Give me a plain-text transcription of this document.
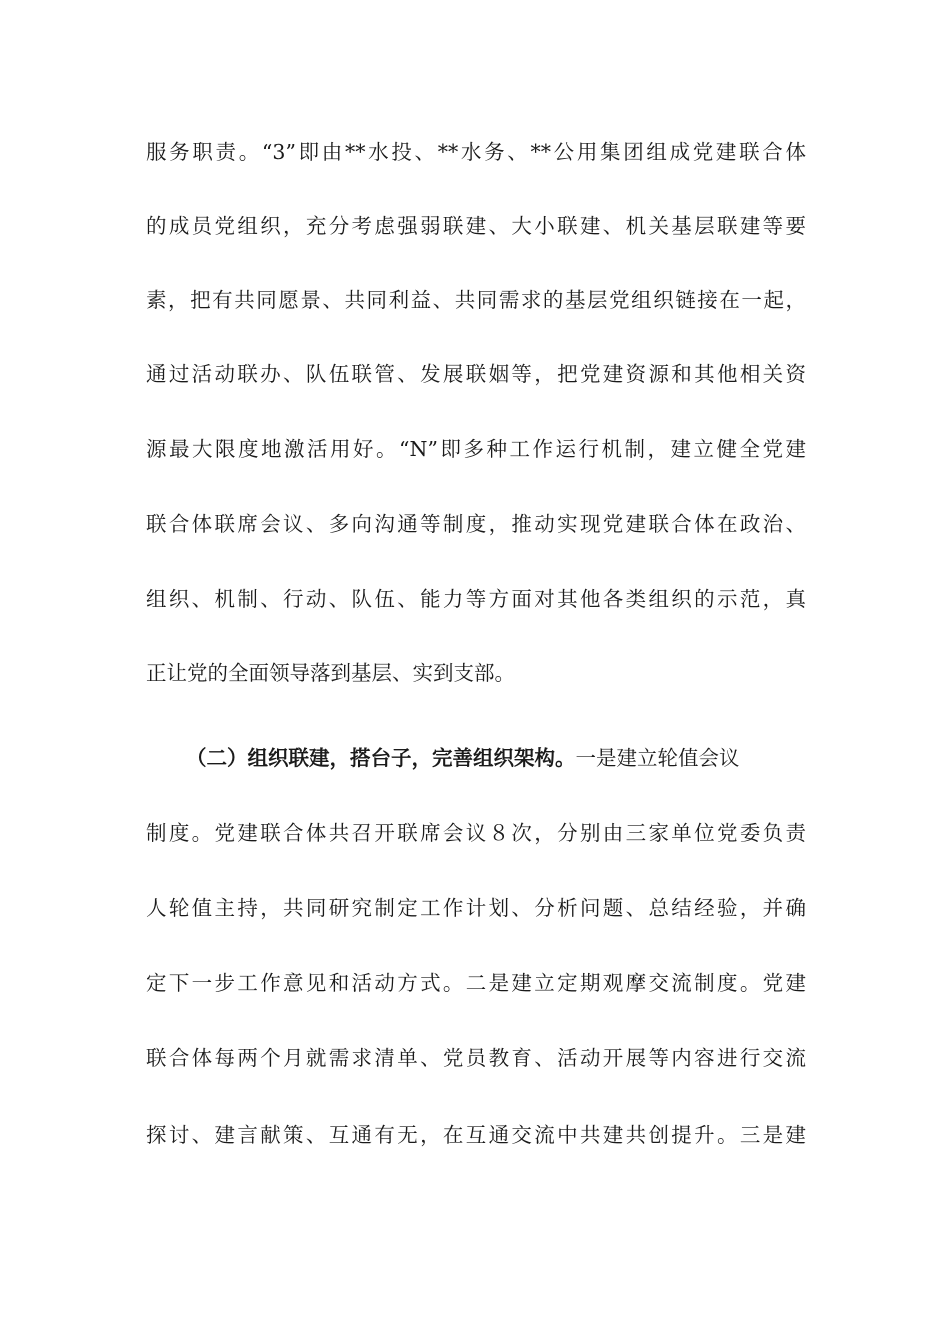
服务职责。“3”即由**水投、**水务、**公用集团组成党建联合体
的成员党组织，充分考虑强弱联建、大小联建、机关基层联建等要
素，把有共同愿景、共同利益、共同需求的基层党组织链接在一起，
通过活动联办、队伍联管、发展联姻等，把党建资源和其他相关资
源最大限度地激活用好。“N”即多种工作运行机制，建立健全党建
联合体联席会议、多向沟通等制度，推动实现党建联合体在政治、
组织、机制、行动、队伍、能力等方面对其他各类组织的示范，真
正让党的全面领导落到基层、实到支部。
（二）组织联建，搭台子，完善组织架构。一是建立轮值会议
制度。党建联合体共召开联席会议８次，分别由三家单位党委负责
人轮值主持，共同研究制定工作计划、分析问题、总结经验，并确
定下一步工作意见和活动方式。二是建立定期观摩交流制度。党建
联合体每两个月就需求清单、党员教育、活动开展等内容进行交流
探讨、建言献策、互通有无，在互通交流中共建共创提升。三是建
